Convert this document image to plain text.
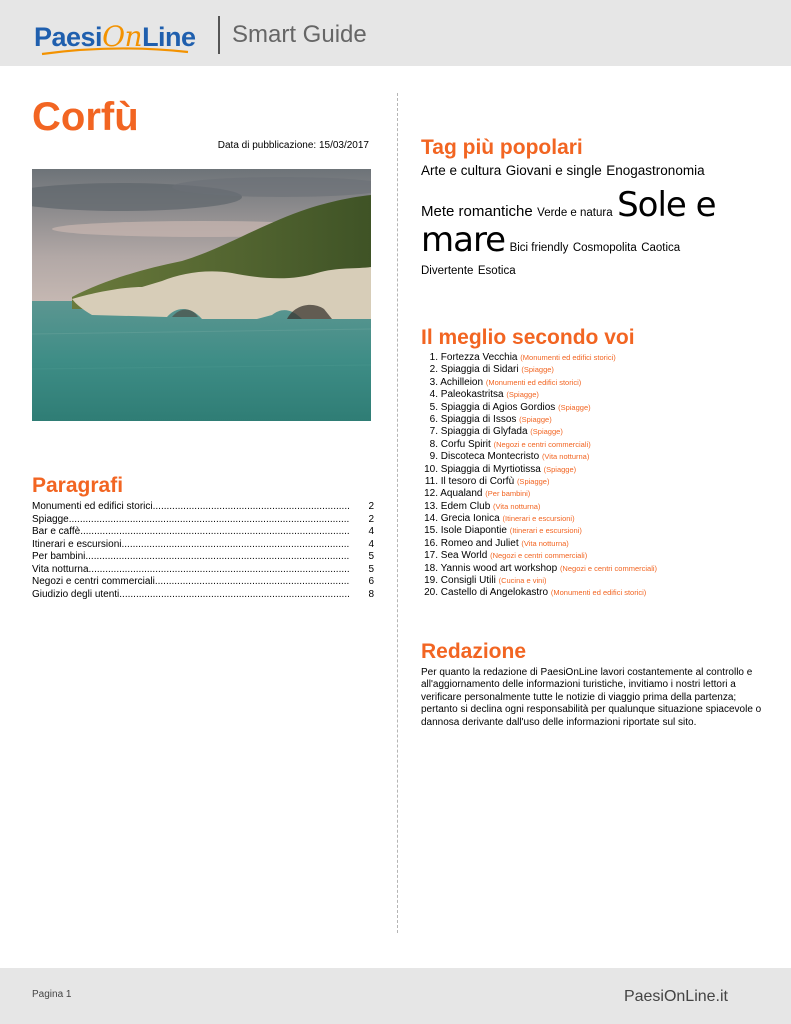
PaesiOnLine Smart Guide
Corfù
Data di pubblicazione: 15/03/2017
Paragrafi
Monumenti ed edifici storici .....	2
Spiagge .....	2
Bar e caffè .....	4
Itinerari e escursioni .....	4
Per bambini .....	5
Vita notturna .....	5
Negozi e centri commerciali .....	6
Giudizio degli utenti .....	8
Tag più popolari
Arte e cultura Giovani e single Enogastronomia
Mete romantiche Verde e natura Sole e
mare Bici friendly Cosmopolita Caotica
Divertente Esotica
Il meglio secondo voi
1. Fortezza Vecchia (Monumenti ed edifici storici)
2. Spiaggia di Sidari (Spiagge)
3. Achilleion (Monumenti ed edifici storici)
4. Paleokastritsa (Spiagge)
5. Spiaggia di Agios Gordios (Spiagge)
6. Spiaggia di Issos (Spiagge)
7. Spiaggia di Glyfada (Spiagge)
8. Corfu Spirit (Negozi e centri commerciali)
9. Discoteca Montecristo (Vita notturna)
10. Spiaggia di Myrtiotissa (Spiagge)
11. Il tesoro di Corfù (Spiagge)
12. Aqualand (Per bambini)
13. Edem Club (Vita notturna)
14. Grecia Ionica (Itinerari e escursioni)
15. Isole Diapontie (Itinerari e escursioni)
16. Romeo and Juliet (Vita notturna)
17. Sea World (Negozi e centri commerciali)
18. Yannis wood art workshop (Negozi e centri commerciali)
19. Consigli Utili (Cucina e vini)
20. Castello di Angelokastro (Monumenti ed edifici storici)
Redazione
Per quanto la redazione di PaesiOnLine lavori costantemente al controllo e all'aggiornamento delle informazioni turistiche, invitiamo i nostri lettori a verificare personalmente tutte le notizie di viaggio prima della partenza; pertanto si declina ogni responsabilità per qualunque situazione spiacevole o dannosa derivante dall'uso delle informazioni riportate sul sito.
Pagina 1	PaesiOnLine.it
